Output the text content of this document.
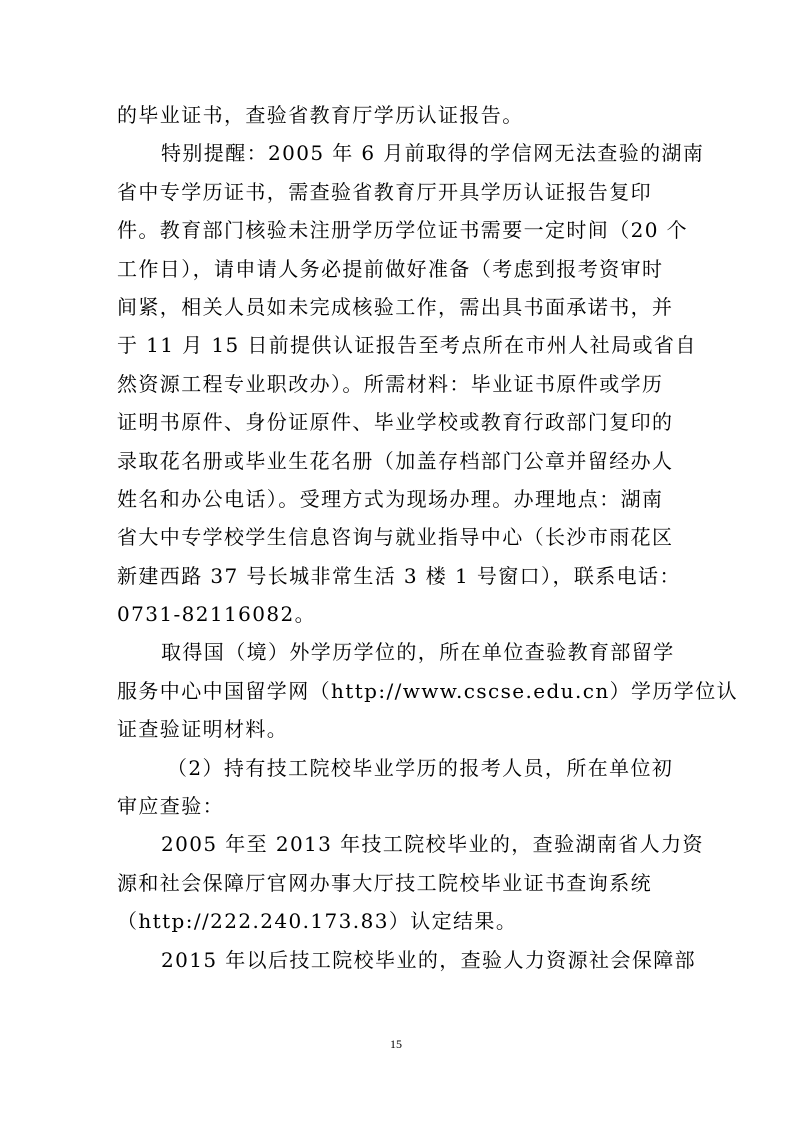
的毕业证书，查验省教育厅学历认证报告。
特别提醒：2005 年 6 月前取得的学信网无法查验的湖南
省中专学历证书，需查验省教育厅开具学历认证报告复印
件。教育部门核验未注册学历学位证书需要一定时间（20 个
工作日），请申请人务必提前做好准备（考虑到报考资审时
间紧，相关人员如未完成核验工作，需出具书面承诺书，并
于 11 月 15 日前提供认证报告至考点所在市州人社局或省自
然资源工程专业职改办）。所需材料：毕业证书原件或学历
证明书原件、身份证原件、毕业学校或教育行政部门复印的
录取花名册或毕业生花名册（加盖存档部门公章并留经办人
姓名和办公电话）。受理方式为现场办理。办理地点：湖南
省大中专学校学生信息咨询与就业指导中心（长沙市雨花区
新建西路 37 号长城非常生活 3 楼 1 号窗口），联系电话：
0731-82116082。
取得国（境）外学历学位的，所在单位查验教育部留学
服务中心中国留学网（http://www.cscse.edu.cn）学历学位认
证查验证明材料。
（2）持有技工院校毕业学历的报考人员，所在单位初
审应查验：
2005 年至 2013 年技工院校毕业的，查验湖南省人力资
源和社会保障厅官网办事大厅技工院校毕业证书查询系统
（http://222.240.173.83）认定结果。
2015 年以后技工院校毕业的，查验人力资源社会保障部
15
